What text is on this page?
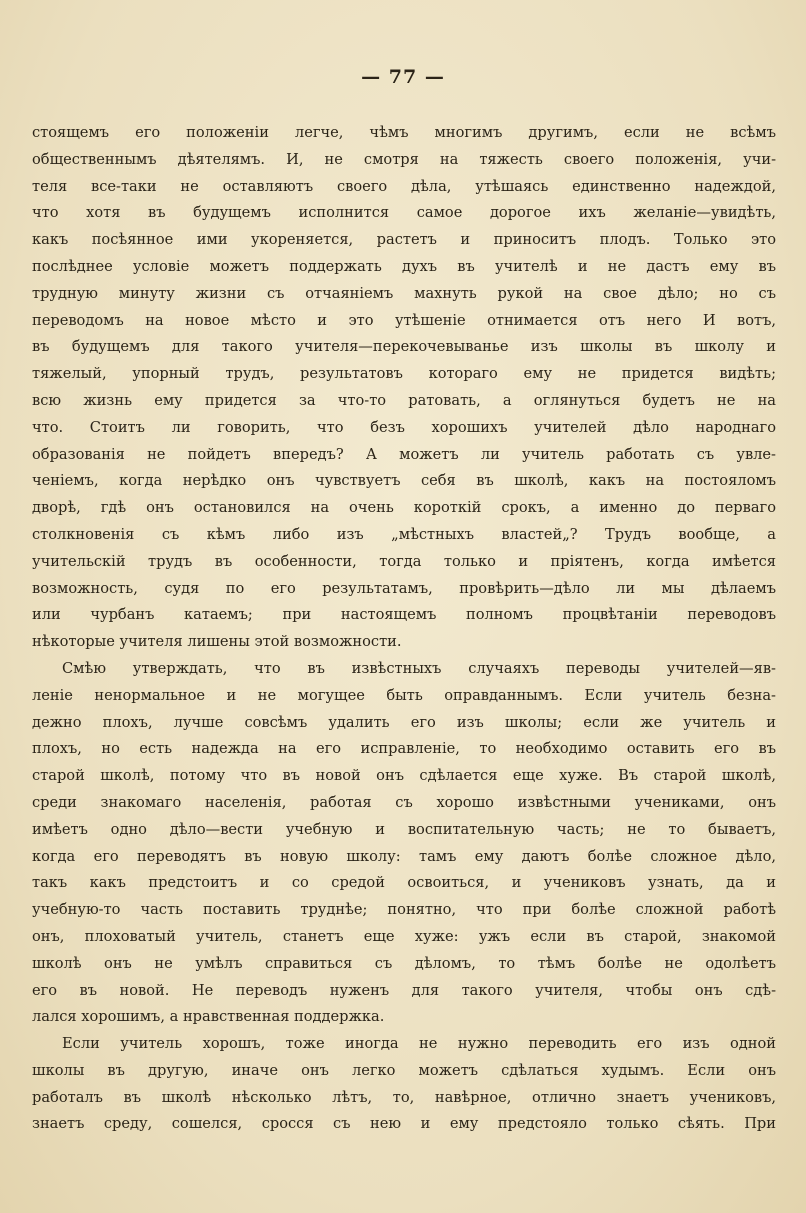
— 77 —
стоящемъ его положеніи легче, чѣмъ многимъ другимъ, если не всѣмъ
общественнымъ дѣятелямъ. И, не смотря на тяжесть своего положенія, учи-
теля все-таки не оставляютъ своего дѣла, утѣшаясь единственно надеждой,
что хотя въ будущемъ исполнится самое дорогое ихъ желаніе—увидѣть,
какъ посѣянное ими укореняется, растетъ и приноситъ плодъ. Только это
послѣднее условіе можетъ поддержать духъ въ учителѣ и не дастъ ему въ
трудную минуту жизни съ отчаяніемъ махнуть рукой на свое дѣло; но съ
переводомъ на новое мѣсто и это утѣшеніе отнимается отъ него И вотъ,
въ будущемъ для такого учителя—перекочевываньe изъ школы въ школу и
тяжелый, упорный трудъ, результатовъ котораго ему не придется видѣть;
всю жизнь ему придется за что-то ратовать, а оглянуться будетъ не на
что. Стоитъ ли говорить, что безъ хорошихъ учителей дѣло народнаго
образованія не пойдетъ впередъ? А можетъ ли учитель работать съ увле-
ченіемъ, когда нерѣдко онъ чувствуетъ себя въ школѣ, какъ на постояломъ
дворѣ, гдѣ онъ остановился на очень короткій срокъ, а именно до перваго
столкновенія съ кѣмъ либо изъ „мѣстныхъ властей„? Трудъ вообще, а
учительскій трудъ въ особенности, тогда только и пріятенъ, когда имѣется
возможность, судя по его результатамъ, провѣрить—дѣло ли мы дѣлаемъ
или чурбанъ катаемъ; при настоящемъ полномъ процвѣтаніи переводовъ
нѣкоторые учителя лишены этой возможности.
Смѣю утверждать, что въ извѣстныхъ случаяхъ переводы учителей—яв-
леніе ненормальное и не могущее быть оправданнымъ. Если учитель безна-
дежно плохъ, лучше совсѣмъ удалить его изъ школы; если же учитель и
плохъ, но есть надежда на его исправленіе, то необходимо оставить его въ
старой школѣ, потому что въ новой онъ сдѣлается еще хуже. Въ старой школѣ,
среди знакомаго населенія, работая съ хорошо извѣстными учениками, онъ
имѣетъ одно дѣло—вести учебную и воспитательную часть; не то бываетъ,
когда его переводятъ въ новую школу: тамъ ему даютъ болѣе сложное дѣло,
такъ какъ предстоитъ и со средой освоиться, и учениковъ узнать, да и
учебную-то часть поставить труднѣе; понятно, что при болѣе сложной работѣ
онъ, плоховатый учитель, станетъ еще хуже: ужъ если въ старой, знакомой
школѣ онъ не умѣлъ справиться съ дѣломъ, то тѣмъ болѣе не одолѣетъ
его въ новой. Не переводъ нуженъ для такого учителя, чтобы онъ сдѣ-
лался хорошимъ, а нравственная поддержка.
Если учитель хорошъ, тоже иногда не нужно переводить его изъ одной
школы въ другую, иначе онъ легко можетъ сдѣлаться худымъ. Если онъ
работалъ въ школѣ нѣсколько лѣтъ, то, навѣрное, отлично знаетъ учениковъ,
знаетъ среду, сошелся, сросся съ нею и ему предстояло только сѣять. При
